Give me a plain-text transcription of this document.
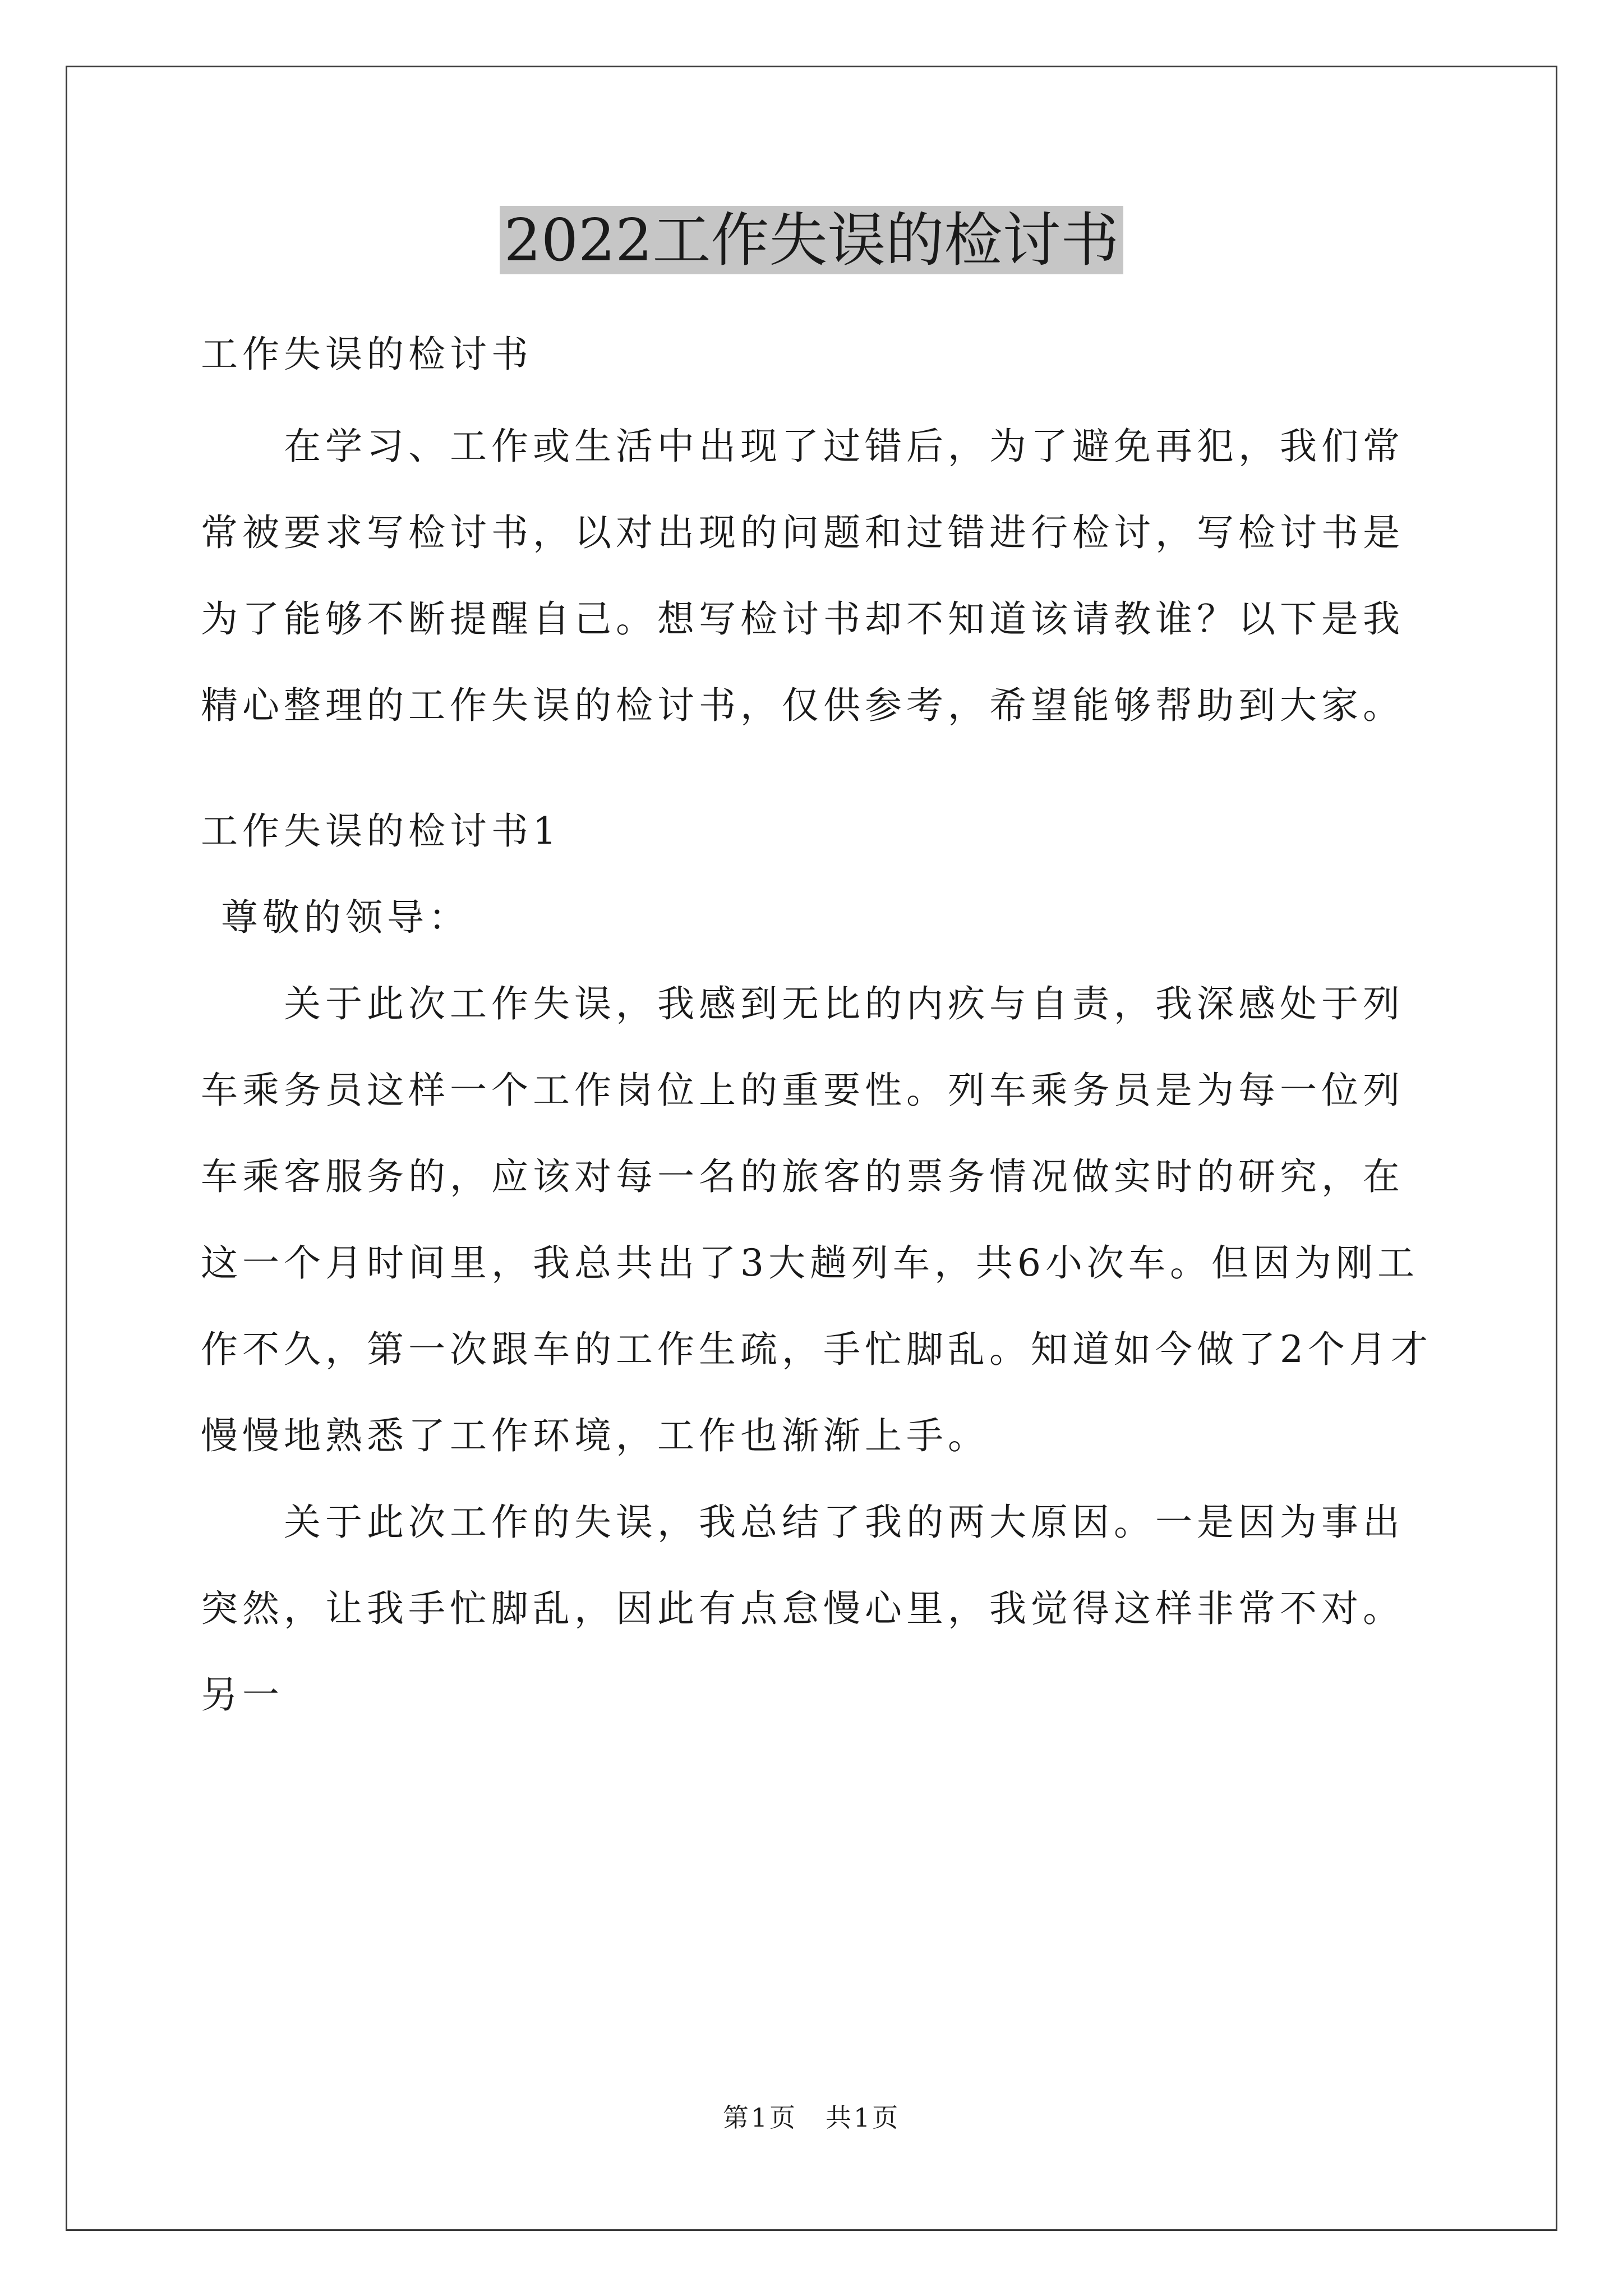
2022工作失误的检讨书

工作失误的检讨书

在学习、工作或生活中出现了过错后，为了避免再犯，我们常常被要求写检讨书，以对出现的问题和过错进行检讨，写检讨书是为了能够不断提醒自己。想写检讨书却不知道该请教谁？以下是我精心整理的工作失误的检讨书，仅供参考，希望能够帮助到大家。

工作失误的检讨书1

尊敬的领导：

关于此次工作失误，我感到无比的内疚与自责，我深感处于列车乘务员这样一个工作岗位上的重要性。列车乘务员是为每一位列车乘客服务的，应该对每一名的旅客的票务情况做实时的研究，在这一个月时间里，我总共出了3大趟列车，共6小次车。但因为刚工作不久，第一次跟车的工作生疏，手忙脚乱。知道如今做了2个月才慢慢地熟悉了工作环境，工作也渐渐上手。

关于此次工作的失误，我总结了我的两大原因。一是因为事出突然，让我手忙脚乱，因此有点怠慢心里，我觉得这样非常不对。另一

第1页　共1页
